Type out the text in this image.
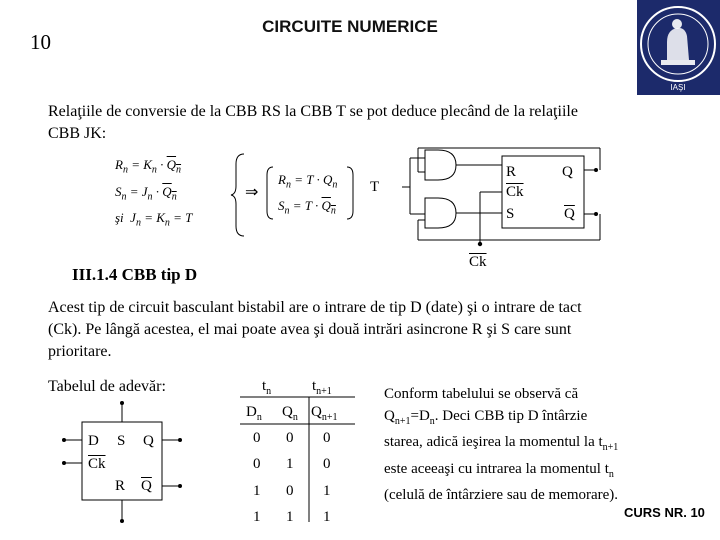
CIRCUITE NUMERICE
10
IAŞI
Relaţiile de conversie de la CBB RS la CBB T se pot deduce plecând de la relaţiile
CBB JK:
$R_n = K_n \cdot Q_n$
$S_n = J_n \cdot Q_n$
şi  $J_n = K_n = T$
⇒
$R_n = T \cdot Q_n$
$S_n = T \cdot Q_n$
T
R
$\overline{Ck}$
S
Q
$\overline{Q}$
$\overline{Ck}$
III.1.4 CBB tip D
Acest tip de circuit basculant bistabil are o intrare de tip D (date) şi o intrare de tact
(Ck). Pe lângă acestea, el mai poate avea şi două intrări asincrone R şi S care sunt
prioritare.
Tabelul de adevăr:
D S Q
$\overline{Ck}$
R $\overline{Q}$
$t_n$	$t_{n+1}$
$D_n$ $Q_n$ $Q_{n+1}$
0 0 0
0 1 0
1 0 1
1 1 1
Conform tabelului se observă că
$Q_{n+1}=D_n$. Deci CBB tip D întârzie
starea, adică ieşirea la momentul la $t_{n+1}$
este aceeaşi cu intrarea la momentul $t_n$
(celulă de întârziere sau de memorare).
CURS NR. 10
